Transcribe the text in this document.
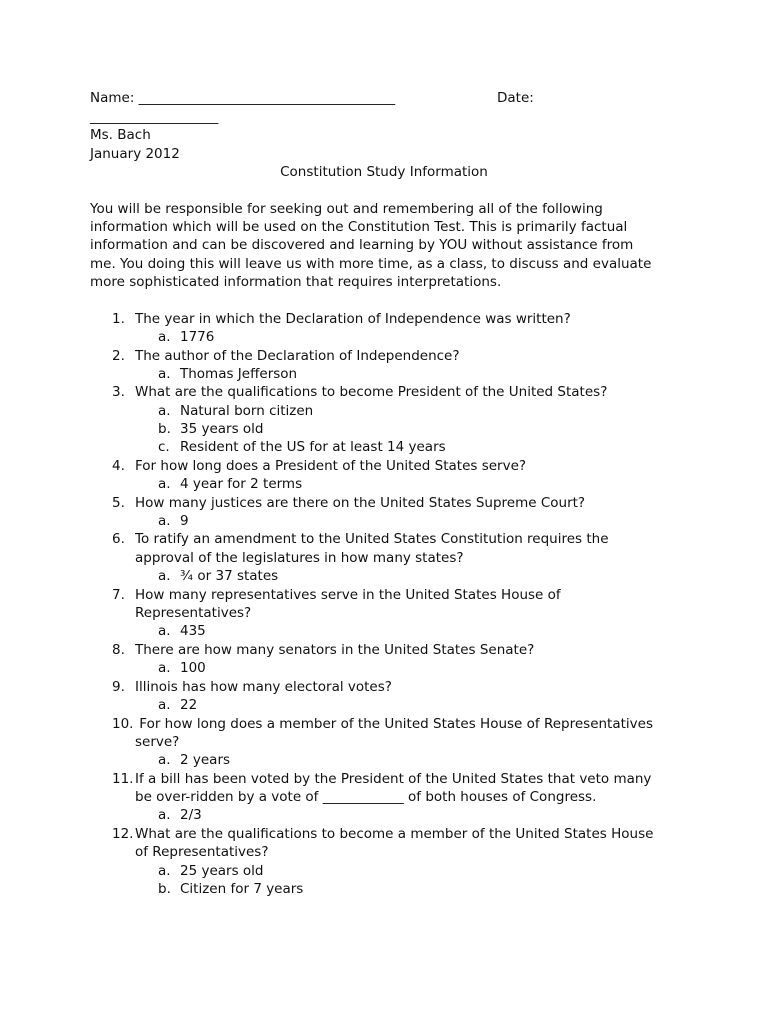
Name: ______________________________________	Date:
___________________
Ms. Bach
January 2012
Constitution Study Information
You will be responsible for seeking out and remembering all of the following
information which will be used on the Constitution Test. This is primarily factual
information and can be discovered and learning by YOU without assistance from
me. You doing this will leave us with more time, as a class, to discuss and evaluate
more sophisticated information that requires interpretations.
1. The year in which the Declaration of Independence was written?
a. 1776
2. The author of the Declaration of Independence?
a. Thomas Jefferson
3. What are the qualifications to become President of the United States?
a. Natural born citizen
b. 35 years old
c. Resident of the US for at least 14 years
4. For how long does a President of the United States serve?
a. 4 year for 2 terms
5. How many justices are there on the United States Supreme Court?
a. 9
6. To ratify an amendment to the United States Constitution requires the
approval of the legislatures in how many states?
a. ¾ or 37 states
7. How many representatives serve in the United States House of
Representatives?
a. 435
8. There are how many senators in the United States Senate?
a. 100
9. Illinois has how many electoral votes?
a. 22
10. For how long does a member of the United States House of Representatives
serve?
a. 2 years
11. If a bill has been voted by the President of the United States that veto many
be over-ridden by a vote of ____________ of both houses of Congress.
a. 2/3
12. What are the qualifications to become a member of the United States House
of Representatives?
a. 25 years old
b. Citizen for 7 years
